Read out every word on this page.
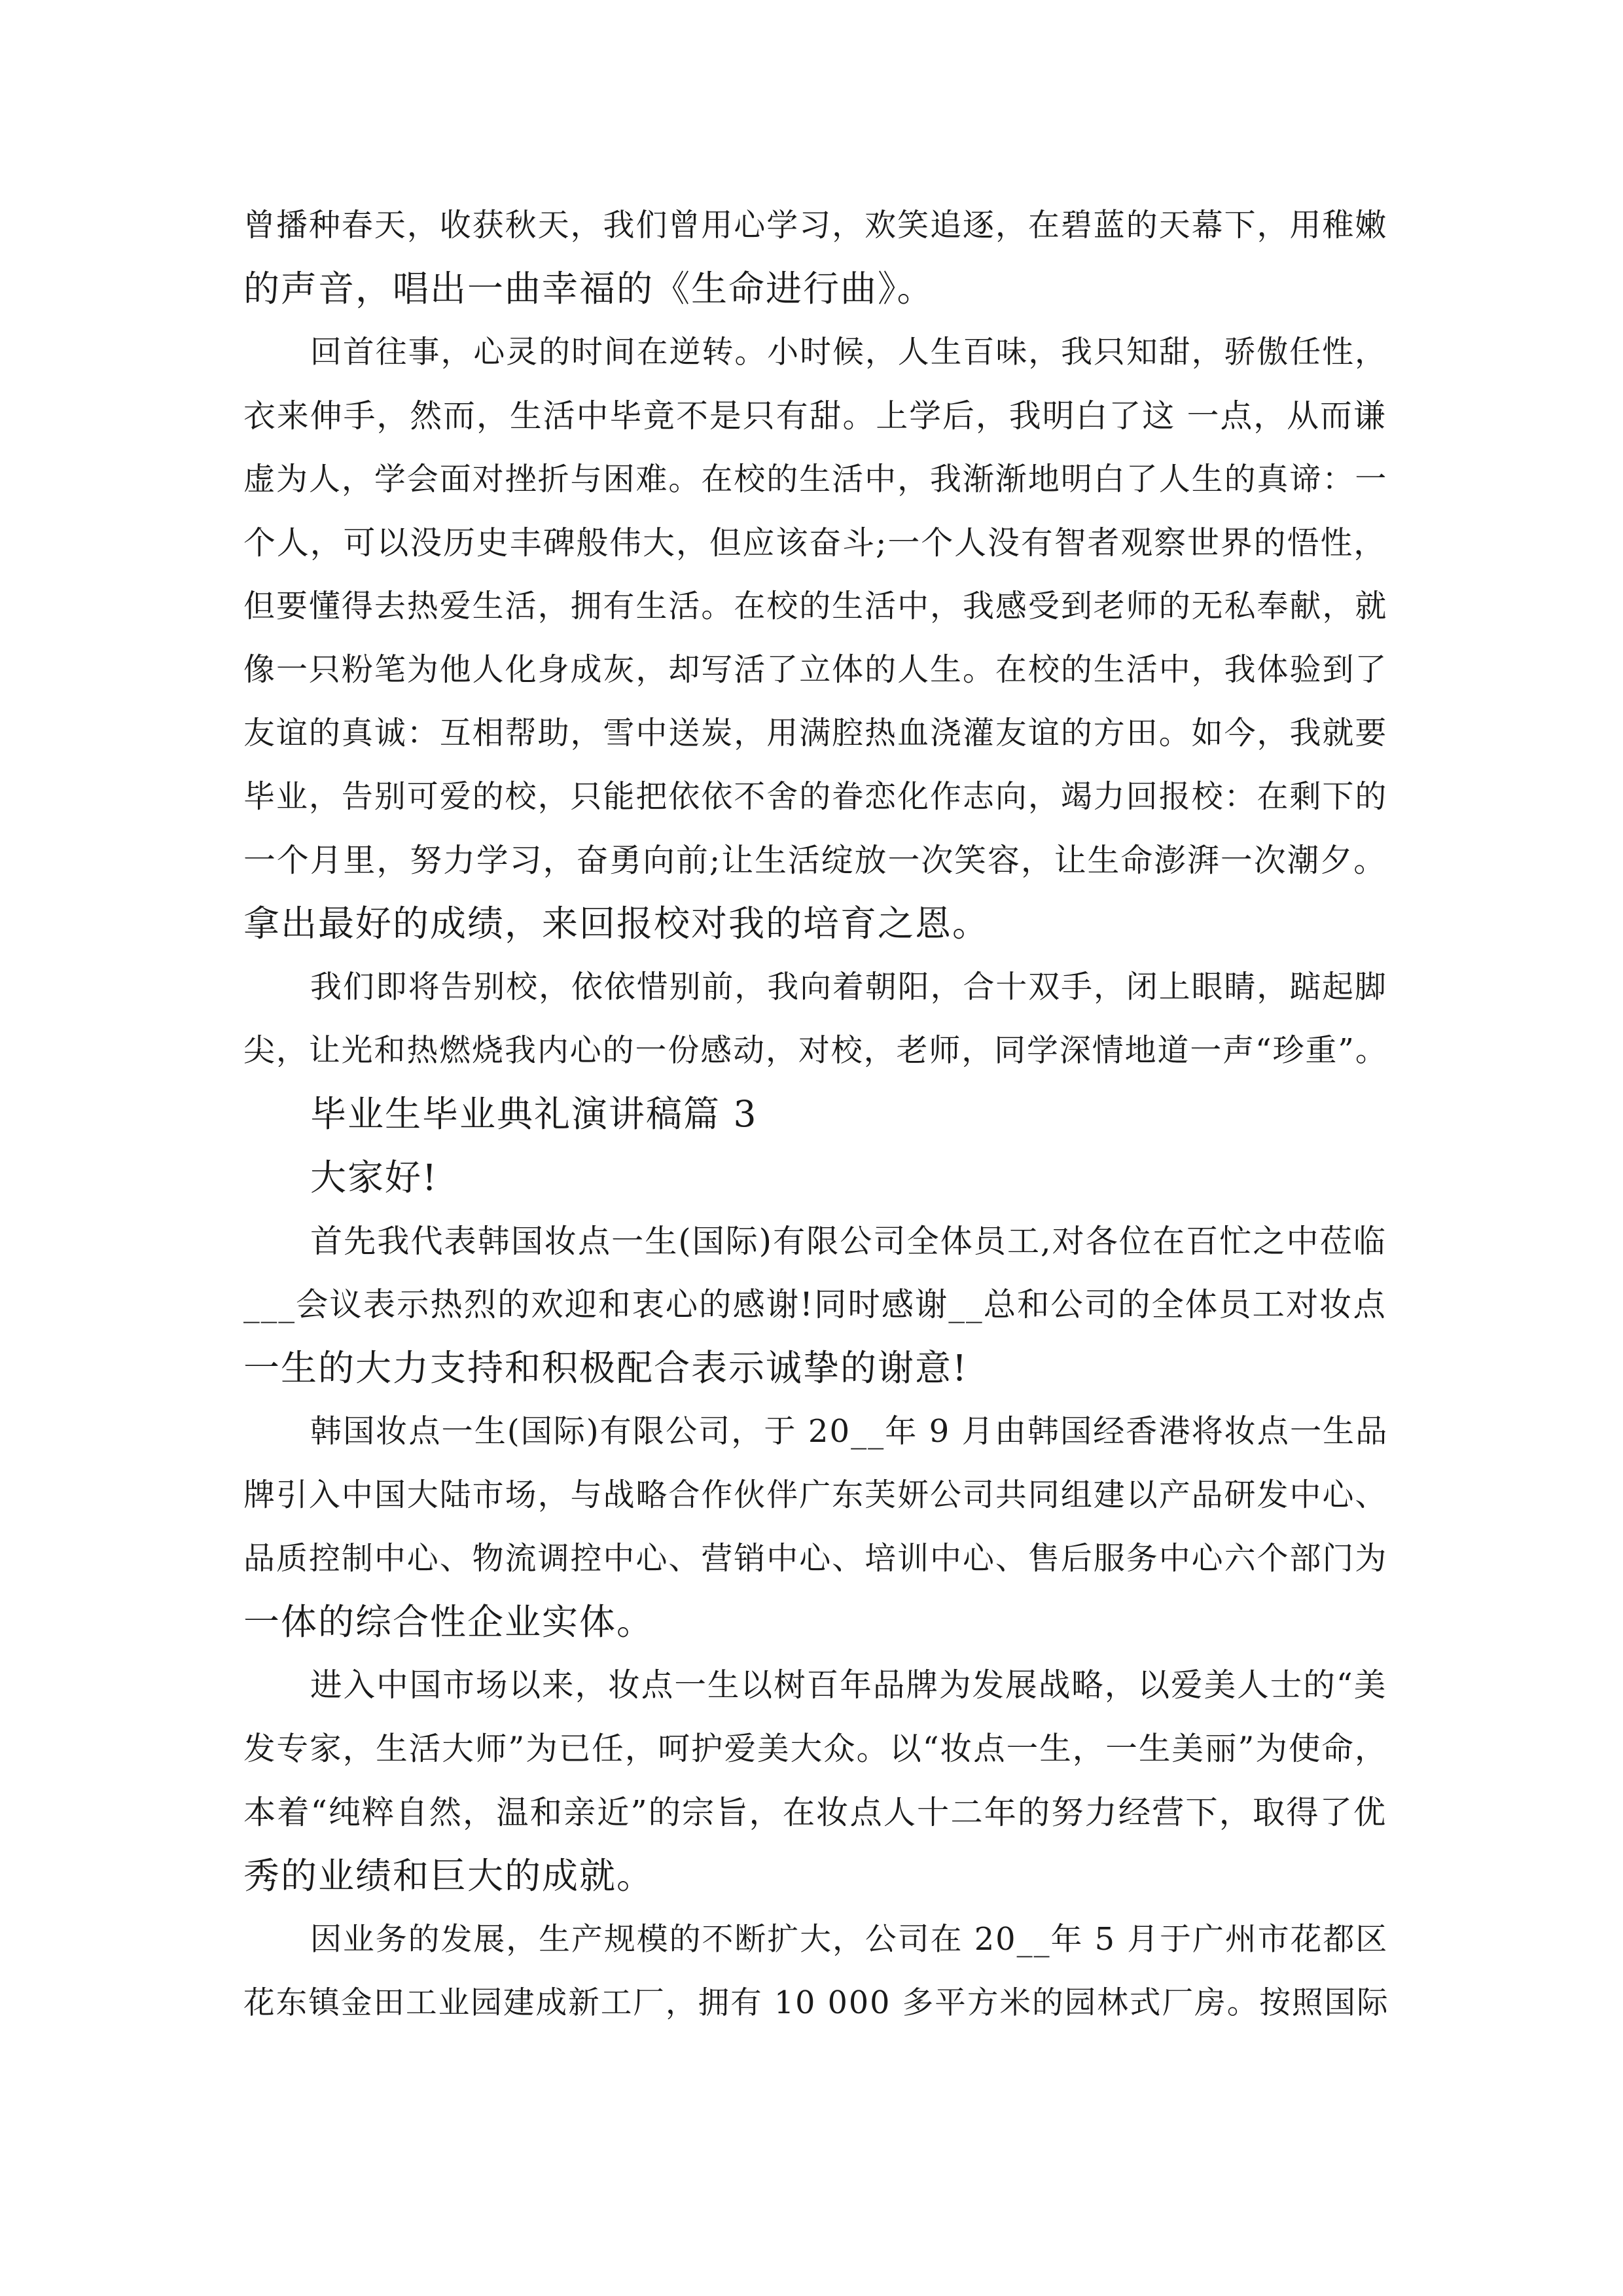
曾播种春天，收获秋天，我们曾用心学习，欢笑追逐，在碧蓝的天幕下，用稚嫩
的声音，唱出一曲幸福的《生命进行曲》。
回首往事，心灵的时间在逆转。小时候，人生百味，我只知甜，骄傲任性，
衣来伸手，然而，生活中毕竟不是只有甜。上学后，我明白了这 一点，从而谦
虚为人，学会面对挫折与困难。在校的生活中，我渐渐地明白了人生的真谛：一
个人，可以没历史丰碑般伟大，但应该奋斗;一个人没有智者观察世界的悟性，
但要懂得去热爱生活，拥有生活。在校的生活中，我感受到老师的无私奉献，就
像一只粉笔为他人化身成灰，却写活了立体的人生。在校的生活中，我体验到了
友谊的真诚：互相帮助，雪中送炭，用满腔热血浇灌友谊的方田。如今，我就要
毕业，告别可爱的校，只能把依依不舍的眷恋化作志向，竭力回报校：在剩下的
一个月里，努力学习，奋勇向前;让生活绽放一次笑容，让生命澎湃一次潮夕。
拿出最好的成绩，来回报校对我的培育之恩。
我们即将告别校，依依惜别前，我向着朝阳，合十双手，闭上眼睛，踮起脚
尖，让光和热燃烧我内心的一份感动，对校，老师，同学深情地道一声“珍重”。
毕业生毕业典礼演讲稿篇 3
大家好!
首先我代表韩国妆点一生(国际)有限公司全体员工,对各位在百忙之中莅临
___会议表示热烈的欢迎和衷心的感谢!同时感谢__总和公司的全体员工对妆点
一生的大力支持和积极配合表示诚挚的谢意!
韩国妆点一生(国际)有限公司，于 20__年 9 月由韩国经香港将妆点一生品
牌引入中国大陆市场，与战略合作伙伴广东芙妍公司共同组建以产品研发中心、
品质控制中心、物流调控中心、营销中心、培训中心、售后服务中心六个部门为
一体的综合性企业实体。
进入中国市场以来，妆点一生以树百年品牌为发展战略，以爱美人士的“美
发专家，生活大师”为已任，呵护爱美大众。以“妆点一生，一生美丽”为使命，
本着“纯粹自然，温和亲近”的宗旨，在妆点人十二年的努力经营下，取得了优
秀的业绩和巨大的成就。
因业务的发展，生产规模的不断扩大，公司在 20__年 5 月于广州市花都区
花东镇金田工业园建成新工厂，拥有 10 000 多平方米的园林式厂房。按照国际
